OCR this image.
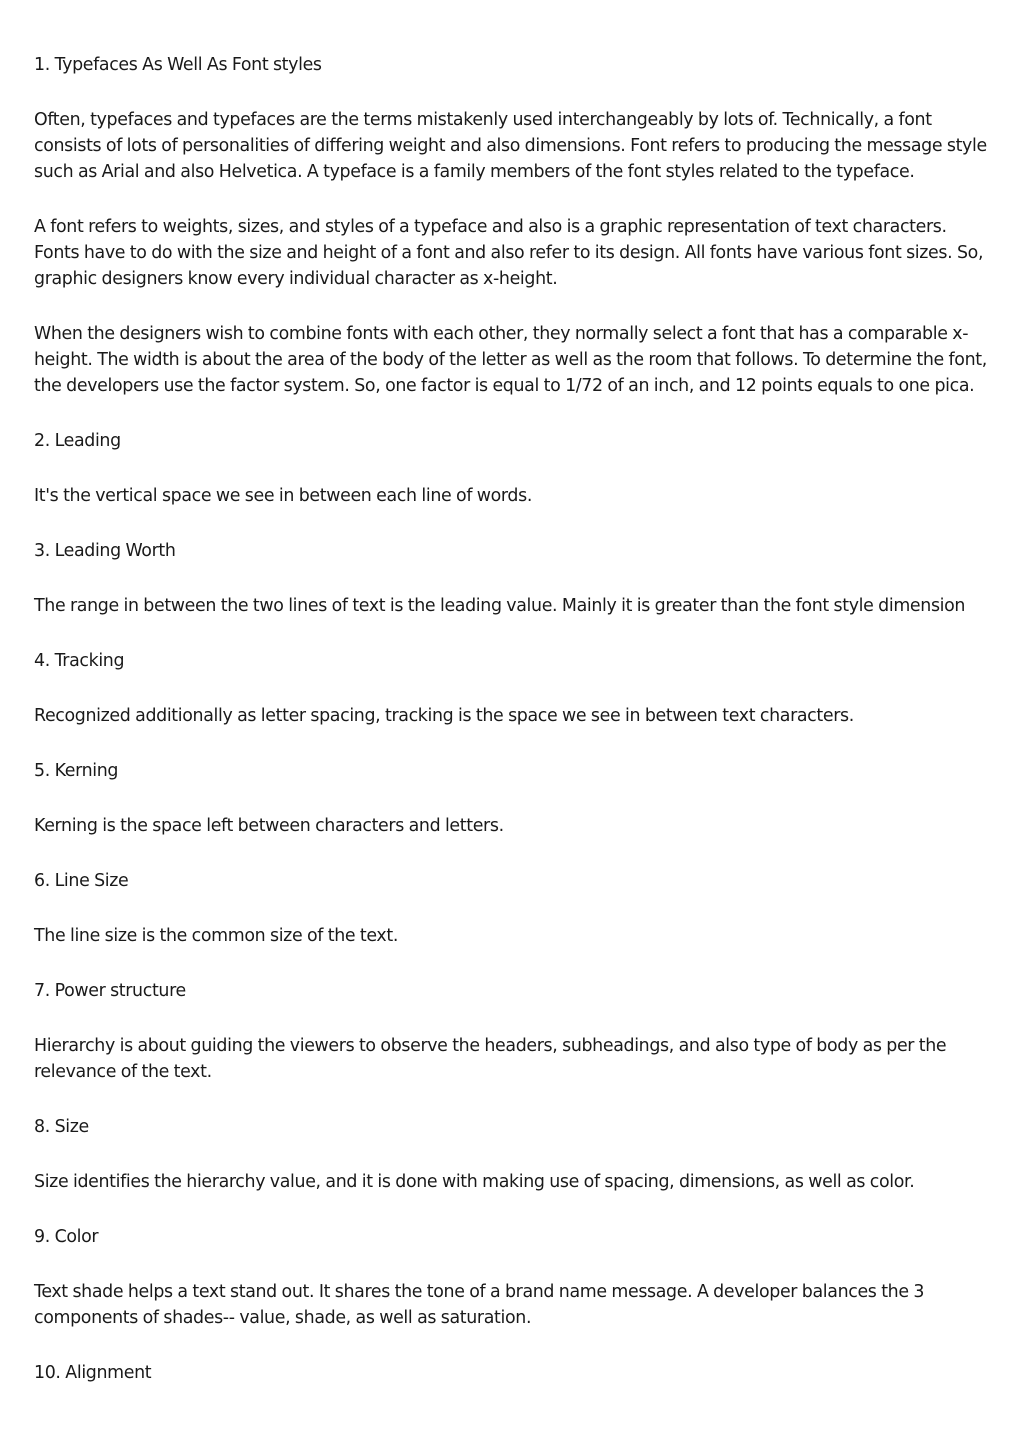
1. Typefaces As Well As Font styles
Often, typefaces and typefaces are the terms mistakenly used interchangeably by lots of. Technically, a font consists of lots of personalities of differing weight and also dimensions. Font refers to producing the message style such as Arial and also Helvetica. A typeface is a family members of the font styles related to the typeface.
A font refers to weights, sizes, and styles of a typeface and also is a graphic representation of text characters. Fonts have to do with the size and height of a font and also refer to its design. All fonts have various font sizes. So, graphic designers know every individual character as x-height.
When the designers wish to combine fonts with each other, they normally select a font that has a comparable x-height. The width is about the area of the body of the letter as well as the room that follows. To determine the font, the developers use the factor system. So, one factor is equal to 1/72 of an inch, and 12 points equals to one pica.
2. Leading
It's the vertical space we see in between each line of words.
3. Leading Worth
The range in between the two lines of text is the leading value. Mainly it is greater than the font style dimension
4. Tracking
Recognized additionally as letter spacing, tracking is the space we see in between text characters.
5. Kerning
Kerning is the space left between characters and letters.
6. Line Size
The line size is the common size of the text.
7. Power structure
Hierarchy is about guiding the viewers to observe the headers, subheadings, and also type of body as per the relevance of the text.
8. Size
Size identifies the hierarchy value, and it is done with making use of spacing, dimensions, as well as color.
9. Color
Text shade helps a text stand out. It shares the tone of a brand name message. A developer balances the 3 components of shades-- value, shade, as well as saturation.
10. Alignment
